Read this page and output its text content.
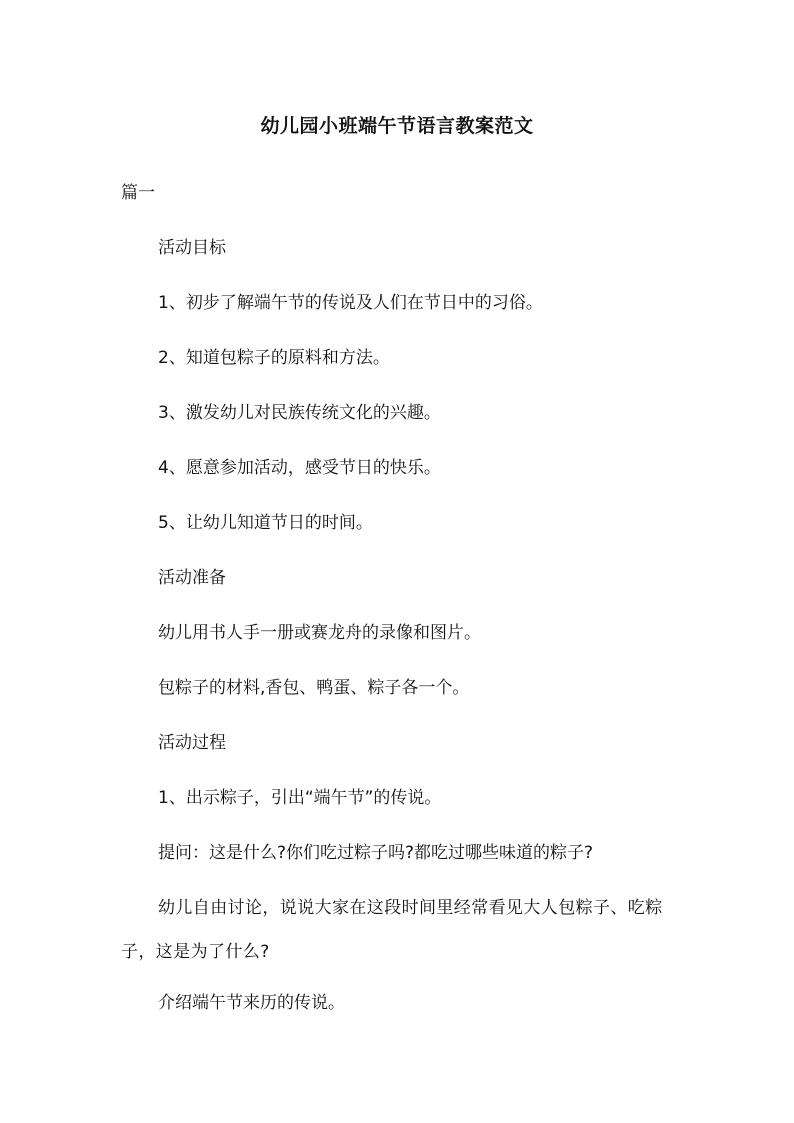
幼儿园小班端午节语言教案范文
篇一
活动目标
1、初步了解端午节的传说及人们在节日中的习俗。
2、知道包粽子的原料和方法。
3、激发幼儿对民族传统文化的兴趣。
4、愿意参加活动，感受节日的快乐。
5、让幼儿知道节日的时间。
活动准备
幼儿用书人手一册或赛龙舟的录像和图片。
包粽子的材料,香包、鸭蛋、粽子各一个。
活动过程
1、出示粽子，引出“端午节”的传说。
提问：这是什么?你们吃过粽子吗?都吃过哪些味道的粽子?
幼儿自由讨论，说说大家在这段时间里经常看见大人包粽子、吃粽子，这是为了什么?
介绍端午节来历的传说。
